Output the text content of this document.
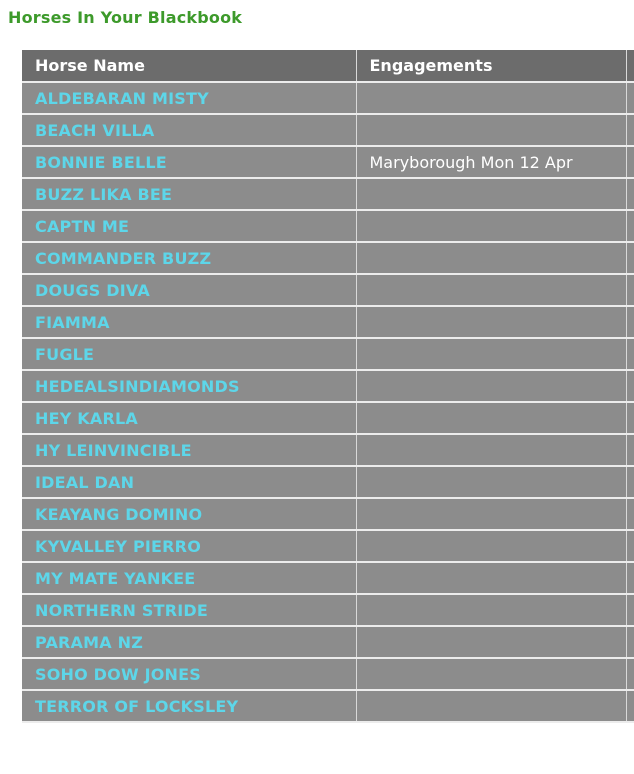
Horses In Your Blackbook
Horse Name	Engagements	
ALDEBARAN MISTY		
BEACH VILLA		
BONNIE BELLE	Maryborough Mon 12 Apr	
BUZZ LIKA BEE		
CAPTN ME		
COMMANDER BUZZ		
DOUGS DIVA		
FIAMMA		
FUGLE		
HEDEALSINDIAMONDS		
HEY KARLA		
HY LEINVINCIBLE		
IDEAL DAN		
KEAYANG DOMINO		
KYVALLEY PIERRO		
MY MATE YANKEE		
NORTHERN STRIDE		
PARAMA NZ		
SOHO DOW JONES		
TERROR OF LOCKSLEY		
